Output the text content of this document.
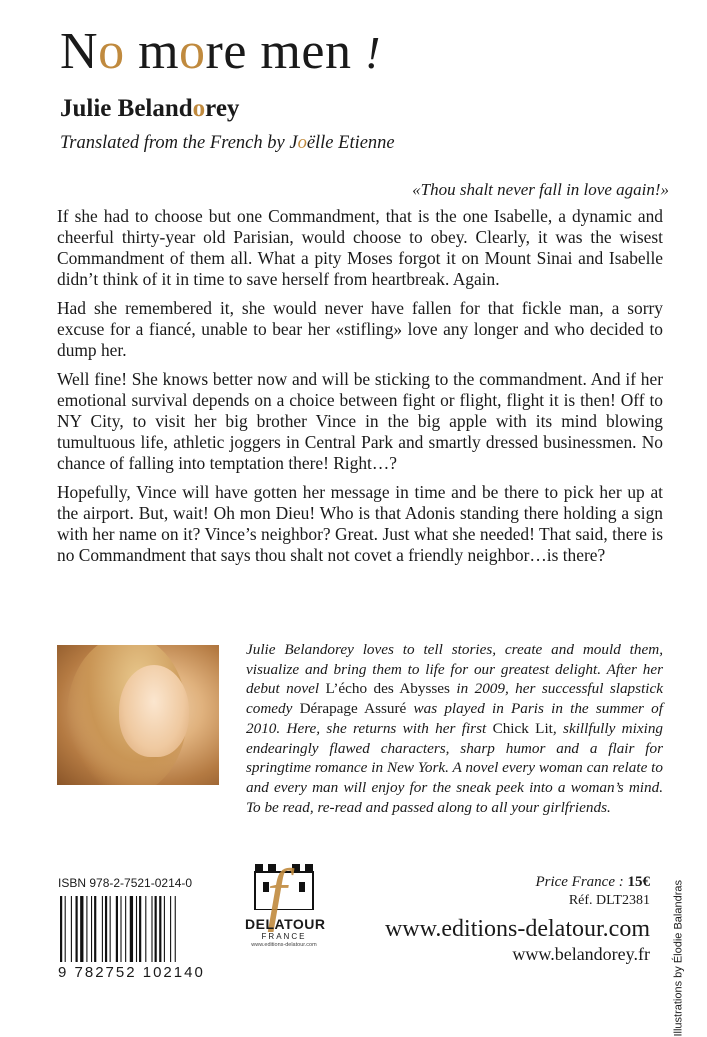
No more men !
Julie Belandorey

Translated from the French by Joëlle Etienne

«Thou shalt never fall in love again!»

If she had to choose but one Commandment, that is the one Isabelle, a dynamic and cheerful thirty-year old Parisian, would choose to obey. Clearly, it was the wisest Commandment of them all. What a pity Moses forgot it on Mount Sinai and Isabelle didn’t think of it in time to save herself from heartbreak. Again.

Had she remembered it, she would never have fallen for that fickle man, a sorry excuse for a fiancé, unable to bear her «stifling» love any longer and who decided to dump her.

Well fine! She knows better now and will be sticking to the commandment. And if her emotional survival depends on a choice between fight or flight, flight it is then! Off to NY City, to visit her big brother Vince in the big apple with its mind blowing tumultuous life, athletic joggers in Central Park and smartly dressed businessmen. No chance of falling into temptation there! Right…?

Hopefully, Vince will have gotten her message in time and be there to pick her up at the airport. But, wait! Oh mon Dieu! Who is that Adonis standing there holding a sign with her name on it? Vince’s neighbor? Great. Just what she needed! That said, there is no Commandment that says thou shalt not covet a friendly neighbor…is there?

Julie Belandorey loves to tell stories, create and mould them, visualize and bring them to life for our greatest delight. After her debut novel L’écho des Abysses in 2009, her successful slapstick comedy Dérapage Assuré was played in Paris in the summer of 2010. Here, she returns with her first Chick Lit, skillfully mixing endearingly flawed characters, sharp humor and a flair for springtime romance in New York. A novel every woman can relate to and every man will enjoy for the sneak peek into a woman’s mind. To be read, re-read and passed along to all your girlfriends.

Illustrations by Élodie Balandras

ISBN 978-2-7521-0214-0

9 782752 102140

f
DELATOUR
FRANCE
www.editions-delatour.com

Price France : 15€

Réf. DLT2381

www.editions-delatour.com

www.belandorey.fr
